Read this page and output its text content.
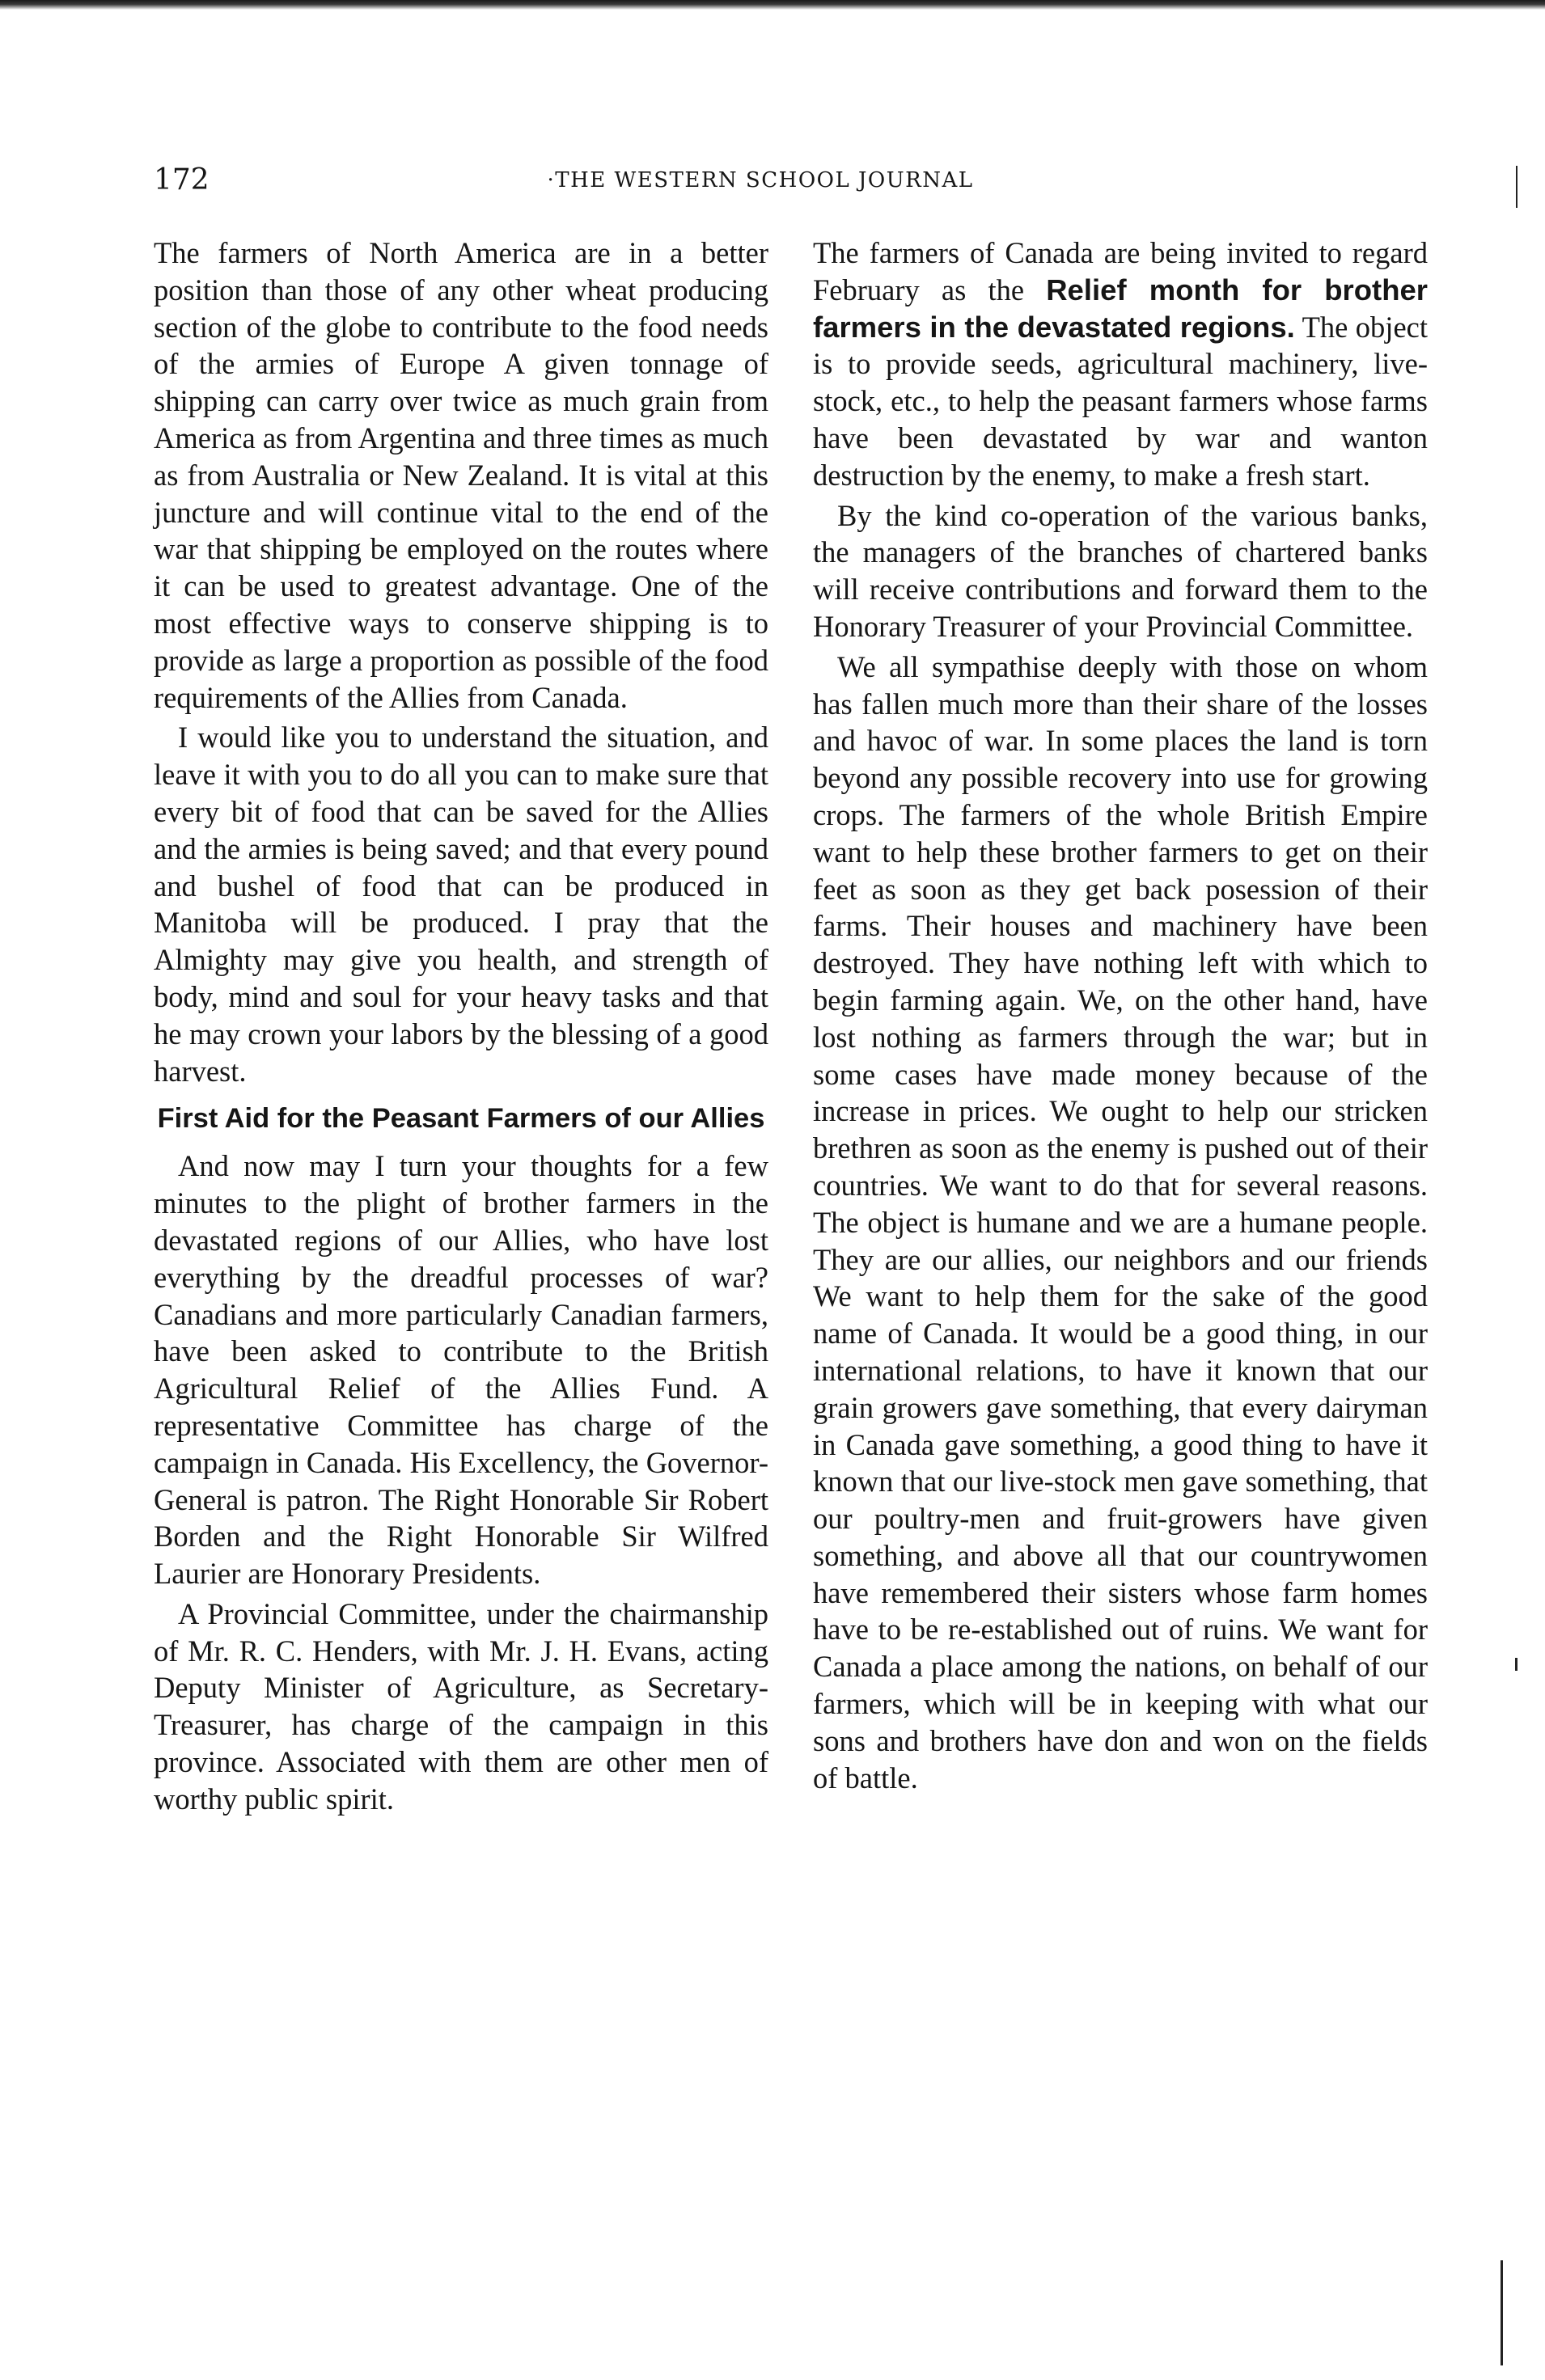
172	·THE WESTERN SCHOOL JOURNAL

The farmers of North America are in a better position than those of any other wheat producing section of the globe to contribute to the food needs of the armies of Europe A given tonnage of shipping can carry over twice as much grain from America as from Argentina and three times as much as from Australia or New Zealand. It is vital at this juncture and will continue vital to the end of the war that shipping be employed on the routes where it can be used to greatest advantage. One of the most effective ways to conserve shipping is to provide as large a proportion as possible of the food requirements of the Allies from Canada.

I would like you to understand the situation, and leave it with you to do all you can to make sure that every bit of food that can be saved for the Allies and the armies is being saved; and that every pound and bushel of food that can be produced in Manitoba will be produced. I pray that the Almighty may give you health, and strength of body, mind and soul for your heavy tasks and that he may crown your labors by the blessing of a good harvest.

First Aid for the Peasant Farmers of our Allies

And now may I turn your thoughts for a few minutes to the plight of brother farmers in the devastated regions of our Allies, who have lost everything by the dreadful processes of war? Canadians and more particularly Canadian farmers, have been asked to contribute to the British Agricultural Relief of the Allies Fund. A representative Committee has charge of the campaign in Canada. His Excellency, the Governor-General is patron. The Right Honorable Sir Robert Borden and the Right Honorable Sir Wilfred Laurier are Honorary Presidents.

A Provincial Committee, under the chairmanship of Mr. R. C. Henders, with Mr. J. H. Evans, acting Deputy Minister of Agriculture, as Secretary-Treasurer, has charge of the campaign in this province. Associated with them are other men of worthy public spirit.

The farmers of Canada are being invited to regard February as the Relief month for brother farmers in the devastated regions. The object is to provide seeds, agricultural machinery, live-stock, etc., to help the peasant farmers whose farms have been devastated by war and wanton destruction by the enemy, to make a fresh start.

By the kind co-operation of the various banks, the managers of the branches of chartered banks will receive contributions and forward them to the Honorary Treasurer of your Provincial Committee.

We all sympathise deeply with those on whom has fallen much more than their share of the losses and havoc of war. In some places the land is torn beyond any possible recovery into use for growing crops. The farmers of the whole British Empire want to help these brother farmers to get on their feet as soon as they get back posession of their farms. Their houses and machinery have been destroyed. They have nothing left with which to begin farming again. We, on the other hand, have lost nothing as farmers through the war; but in some cases have made money because of the increase in prices. We ought to help our stricken brethren as soon as the enemy is pushed out of their countries. We want to do that for several reasons. The object is humane and we are a humane people. They are our allies, our neighbors and our friends We want to help them for the sake of the good name of Canada. It would be a good thing, in our international relations, to have it known that our grain growers gave something, that every dairyman in Canada gave something, a good thing to have it known that our live-stock men gave something, that our poultry-men and fruit-growers have given something, and above all that our countrywomen have remembered their sisters whose farm homes have to be re-established out of ruins. We want for Canada a place among the nations, on behalf of our farmers, which will be in keeping with what our sons and brothers have don and won on the fields of battle.
